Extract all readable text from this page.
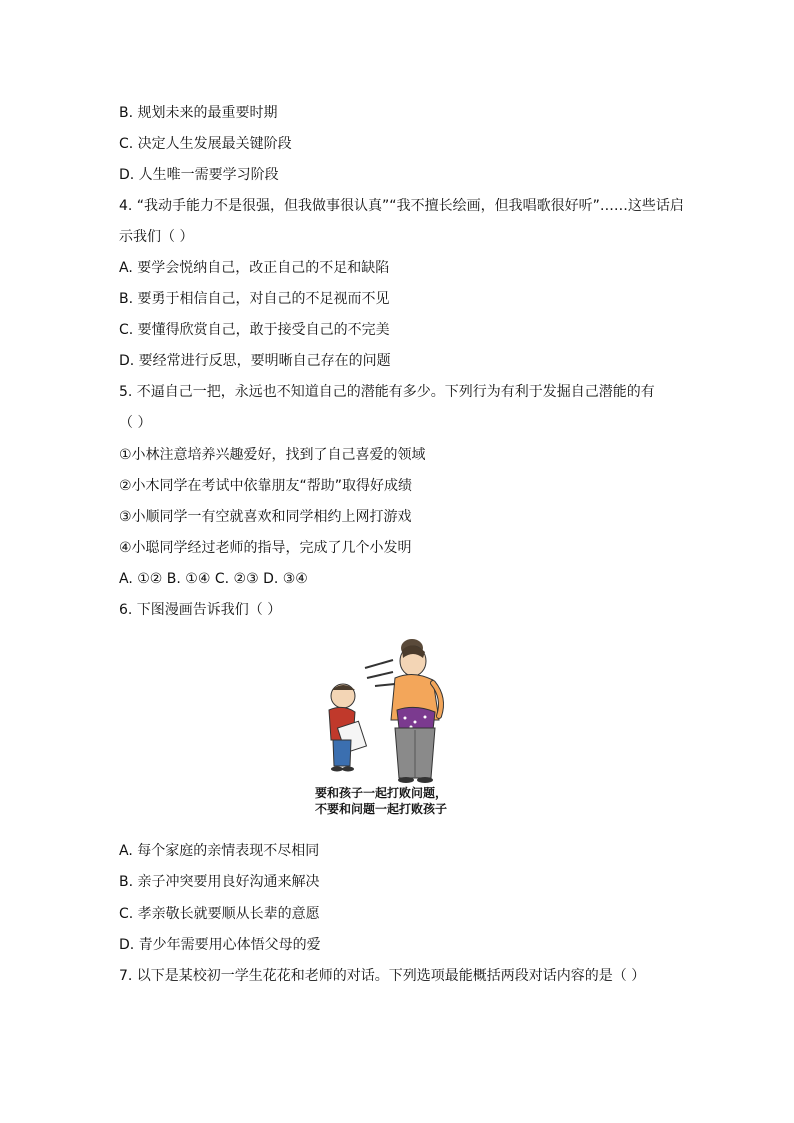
B. 规划未来的最重要时期
C. 决定人生发展最关键阶段
D. 人生唯一需要学习阶段
4. “我动手能力不是很强，但我做事很认真”“我不擅长绘画，但我唱歌很好听”……这些话启
示我们（ ）
A. 要学会悦纳自己，改正自己的不足和缺陷
B. 要勇于相信自己，对自己的不足视而不见
C. 要懂得欣赏自己，敢于接受自己的不完美
D. 要经常进行反思，要明晰自己存在的问题
5. 不逼自己一把，永远也不知道自己的潜能有多少。下列行为有利于发掘自己潜能的有
（ ）
①小林注意培养兴趣爱好，找到了自己喜爱的领域
②小木同学在考试中依靠朋友“帮助”取得好成绩
③小顺同学一有空就喜欢和同学相约上网打游戏
④小聪同学经过老师的指导，完成了几个小发明
A. ①② B. ①④ C. ②③ D. ③④
6. 下图漫画告诉我们（ ）
要和孩子一起打败问题，
不要和问题一起打败孩子
A. 每个家庭的亲情表现不尽相同
B. 亲子冲突要用良好沟通来解决
C. 孝亲敬长就要顺从长辈的意愿
D. 青少年需要用心体悟父母的爱
7. 以下是某校初一学生花花和老师的对话。下列选项最能概括两段对话内容的是（ ）
